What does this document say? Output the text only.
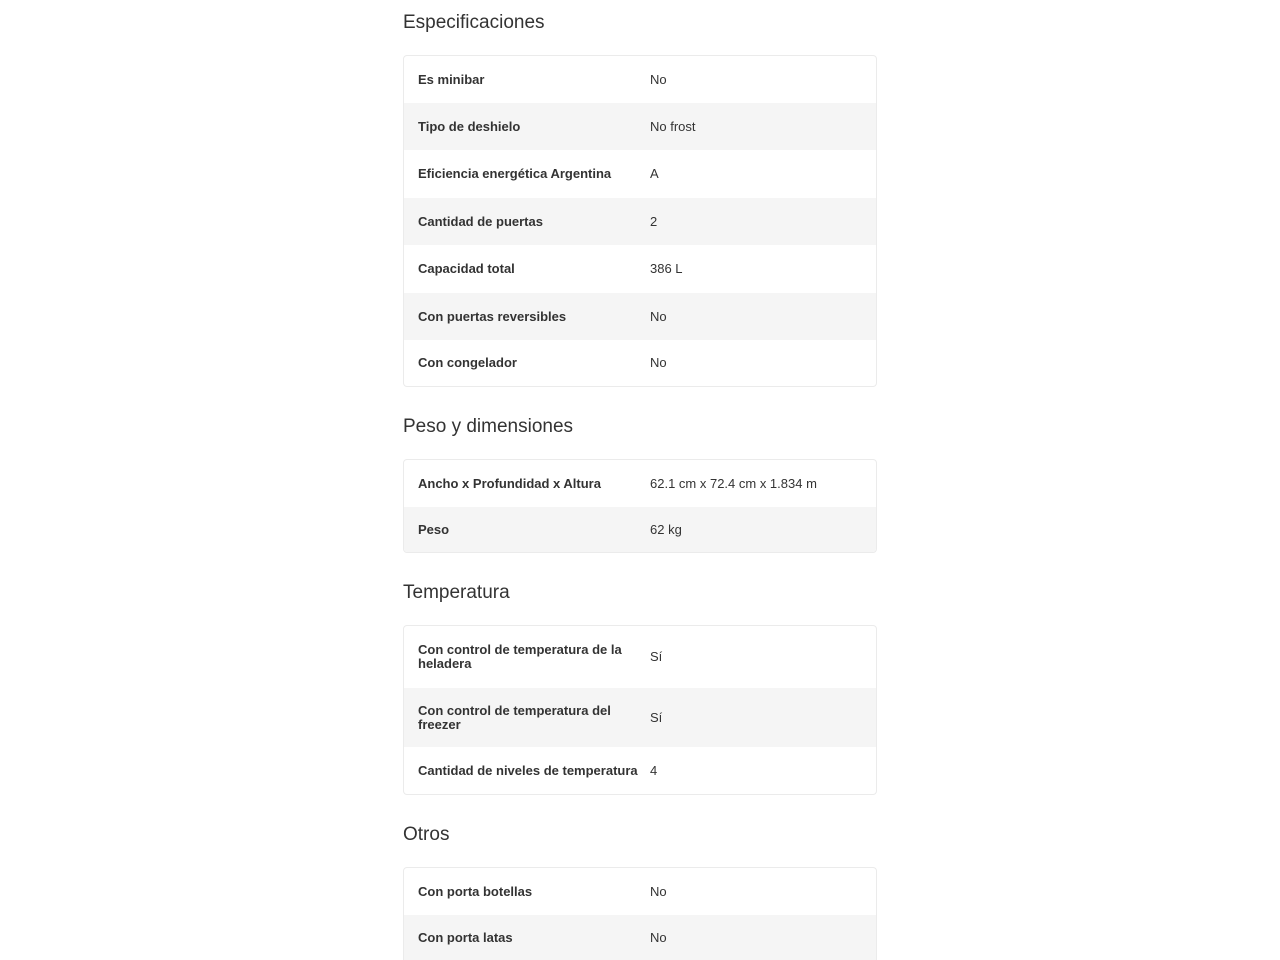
Especificaciones
Es minibar	No
Tipo de deshielo	No frost
Eficiencia energética Argentina	A
Cantidad de puertas	2
Capacidad total	386 L
Con puertas reversibles	No
Con congelador	No
Peso y dimensiones
Ancho x Profundidad x Altura	62.1 cm x 72.4 cm x 1.834 m
Peso	62 kg
Temperatura
Con control de temperatura de la heladera	Sí
Con control de temperatura del freezer	Sí
Cantidad de niveles de temperatura 4
Otros
Con porta botellas	No
Con porta latas	No
